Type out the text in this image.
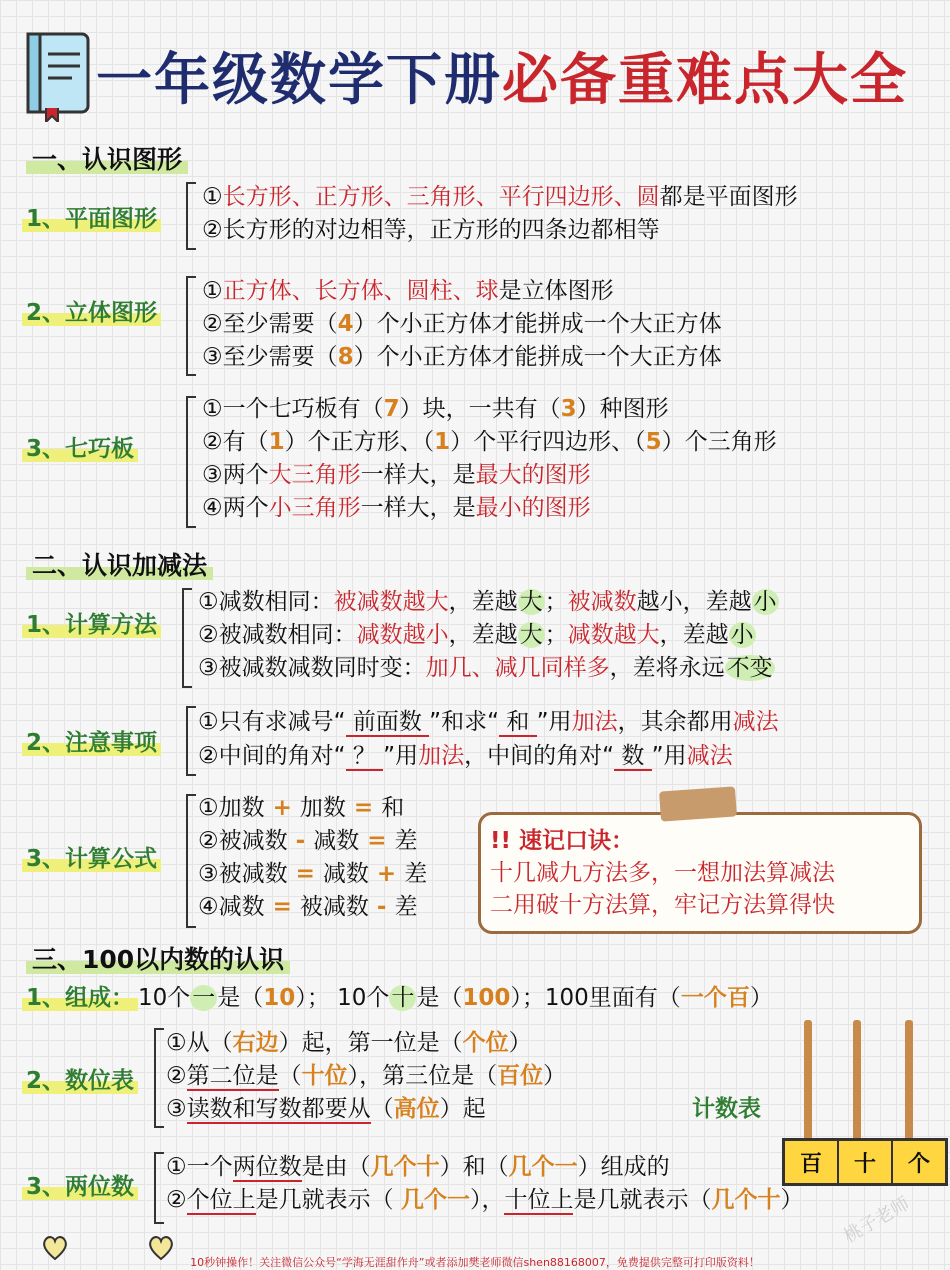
一年级数学下册必备重难点大全
一、认识图形
1、平面图形
①长方形、正方形、三角形、平行四边形、圆都是平面图形
②长方形的对边相等，正方形的四条边都相等
2、立体图形
①正方体、长方体、圆柱、球是立体图形
②至少需要（4）个小正方体才能拼成一个大正方体
③至少需要（8）个小正方体才能拼成一个大正方体
3、七巧板
①一个七巧板有（7）块，一共有（3）种图形
②有（1）个正方形、（1）个平行四边形、（5）个三角形
③两个大三角形一样大，是最大的图形
④两个小三角形一样大，是最小的图形
二、认识加减法
1、计算方法
①减数相同：被减数越大，差越大；被减数越小，差越小
②被减数相同：减数越小，差越大；减数越大，差越小
③被减数减数同时变：加几、减几同样多，差将永远不变
2、注意事项
①只有求减号“ 前面数 ”和求“ 和 ”用加法，其余都用减法
②中间的角对“ ？ ”用加法，中间的角对“ 数 ”用减法
3、计算公式
①加数 + 加数 = 和
②被减数 - 减数 = 差
③被减数 = 减数 + 差
④减数 = 被减数 - 差
!! 速记口诀：
十几减九方法多，一想加法算减法
二用破十方法算，牢记方法算得快
三、100以内数的认识
1、组成： 10个一是（10）； 10个十是（100）；100里面有（一个百）
2、数位表
①从（右边）起，第一位是（个位）
②第二位是（十位），第三位是（百位）
③读数和写数都要从（高位）起
3、两位数
①一个两位数是由（几个十）和（几个一）组成的
②个位上是几就表示（ 几个一），十位上是几就表示（几个十）
计数表
百	十	个
桃子老师
10秒钟操作！关注微信公众号“学海无涯甜作舟”或者添加樊老师微信shen88168007，免费提供完整可打印版资料！
